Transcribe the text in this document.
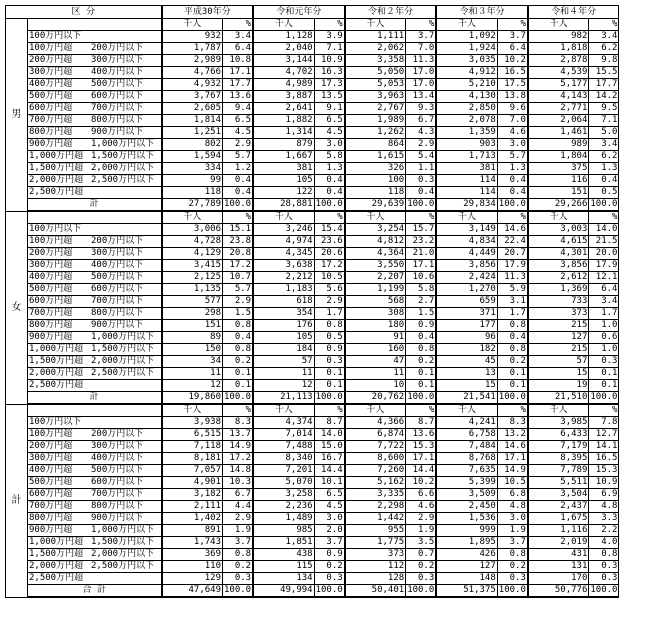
区 分		平成30年分		令和元年分		令和２年分		令和３年分		令和４年分	
男		千人	%	千人	%	千人	%	千人	%	千人	%
	100万円以下	932	3.4	1,128	3.9	1,111	3.7	1,092	3.7	982	3.4
	100万円超 200万円以下	1,787	6.4	2,040	7.1	2,062	7.0	1,924	6.4	1,818	6.2
	200万円超 300万円以下	2,989	10.8	3,144	10.9	3,358	11.3	3,035	10.2	2,878	9.8
	300万円超 400万円以下	4,766	17.1	4,702	16.3	5,050	17.0	4,912	16.5	4,539	15.5
	400万円超 500万円以下	4,932	17.7	4,989	17.3	5,053	17.0	5,210	17.5	5,177	17.7
	500万円超 600万円以下	3,767	13.6	3,887	13.5	3,963	13.4	4,130	13.8	4,143	14.2
	600万円超 700万円以下	2,605	9.4	2,641	9.1	2,767	9.3	2,850	9.6	2,771	9.5
	700万円超 800万円以下	1,814	6.5	1,882	6.5	1,989	6.7	2,078	7.0	2,064	7.1
	800万円超 900万円以下	1,251	4.5	1,314	4.5	1,262	4.3	1,359	4.6	1,461	5.0
	900万円超 1,000万円以下	802	2.9	879	3.0	864	2.9	903	3.0	989	3.4
	1,000万円超 1,500万円以下	1,594	5.7	1,667	5.8	1,615	5.4	1,713	5.7	1,804	6.2
	1,500万円超 2,000万円以下	334	1.2	381	1.3	326	1.1	381	1.3	375	1.3
	2,000万円超 2,500万円以下	99	0.4	105	0.4	100	0.3	114	0.4	116	0.4
	2,500万円超	118	0.4	122	0.4	118	0.4	114	0.4	151	0.5
	計	27,789	100.0	28,881	100.0	29,639	100.0	29,834	100.0	29,266	100.0
女		千人	%	千人	%	千人	%	千人	%	千人	%
	100万円以下	3,006	15.1	3,246	15.4	3,254	15.7	3,149	14.6	3,003	14.0
	100万円超 200万円以下	4,728	23.8	4,974	23.6	4,812	23.2	4,834	22.4	4,615	21.5
	200万円超 300万円以下	4,129	20.8	4,345	20.6	4,364	21.0	4,449	20.7	4,301	20.0
	300万円超 400万円以下	3,415	17.2	3,638	17.2	3,550	17.1	3,856	17.9	3,856	17.9
	400万円超 500万円以下	2,125	10.7	2,212	10.5	2,207	10.6	2,424	11.3	2,612	12.1
	500万円超 600万円以下	1,135	5.7	1,183	5.6	1,199	5.8	1,270	5.9	1,369	6.4
	600万円超 700万円以下	577	2.9	618	2.9	568	2.7	659	3.1	733	3.4
	700万円超 800万円以下	298	1.5	354	1.7	308	1.5	371	1.7	373	1.7
	800万円超 900万円以下	151	0.8	176	0.8	180	0.9	177	0.8	215	1.0
	900万円超 1,000万円以下	89	0.4	105	0.5	91	0.4	96	0.4	127	0.6
	1,000万円超 1,500万円以下	150	0.8	184	0.9	160	0.8	182	0.8	215	1.0
	1,500万円超 2,000万円以下	34	0.2	57	0.3	47	0.2	45	0.2	57	0.3
	2,000万円超 2,500万円以下	11	0.1	11	0.1	11	0.1	13	0.1	15	0.1
	2,500万円超	12	0.1	12	0.1	10	0.1	15	0.1	19	0.1
	計	19,860	100.0	21,113	100.0	20,762	100.0	21,541	100.0	21,510	100.0
計		千人	%	千人	%	千人	%	千人	%	千人	%
	100万円以下	3,938	8.3	4,374	8.7	4,366	8.7	4,241	8.3	3,985	7.8
	100万円超 200万円以下	6,515	13.7	7,014	14.0	6,874	13.6	6,758	13.2	6,433	12.7
	200万円超 300万円以下	7,118	14.9	7,488	15.0	7,722	15.3	7,484	14.6	7,179	14.1
	300万円超 400万円以下	8,181	17.2	8,340	16.7	8,600	17.1	8,768	17.1	8,395	16.5
	400万円超 500万円以下	7,057	14.8	7,201	14.4	7,260	14.4	7,635	14.9	7,789	15.3
	500万円超 600万円以下	4,901	10.3	5,070	10.1	5,162	10.2	5,399	10.5	5,511	10.9
	600万円超 700万円以下	3,182	6.7	3,258	6.5	3,335	6.6	3,509	6.8	3,504	6.9
	700万円超 800万円以下	2,111	4.4	2,236	4.5	2,298	4.6	2,450	4.8	2,437	4.8
	800万円超 900万円以下	1,402	2.9	1,489	3.0	1,442	2.9	1,536	3.0	1,675	3.3
	900万円超 1,000万円以下	891	1.9	985	2.0	955	1.9	999	1.9	1,116	2.2
	1,000万円超 1,500万円以下	1,743	3.7	1,851	3.7	1,775	3.5	1,895	3.7	2,019	4.0
	1,500万円超 2,000万円以下	369	0.8	438	0.9	373	0.7	426	0.8	431	0.8
	2,000万円超 2,500万円以下	110	0.2	115	0.2	112	0.2	127	0.2	131	0.3
	2,500万円超	129	0.3	134	0.3	128	0.3	148	0.3	170	0.3
	合 計	47,649	100.0	49,994	100.0	50,401	100.0	51,375	100.0	50,776	100.0
